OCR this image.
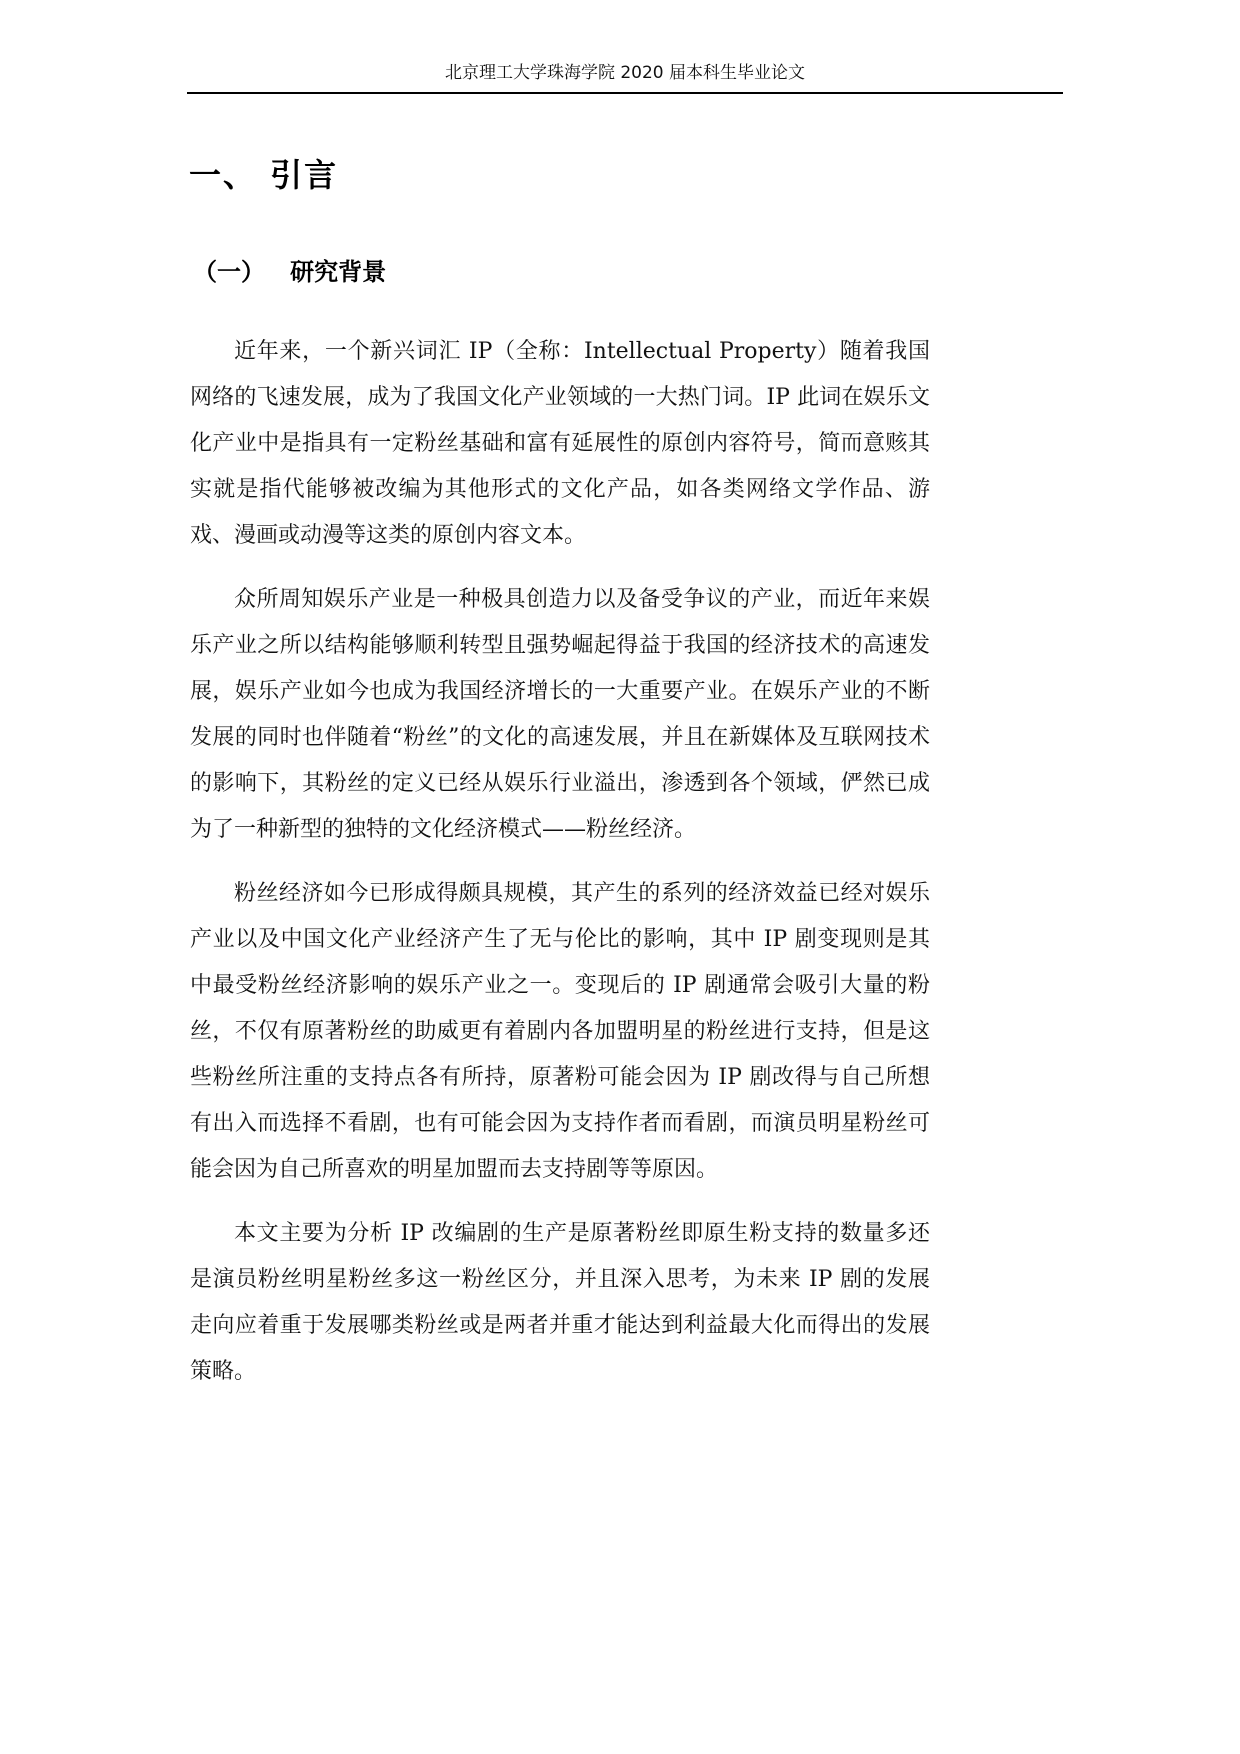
北京理工大学珠海学院 2020 届本科生毕业论文
一、 引言
（一）   研究背景

近年来，一个新兴词汇 IP（全称：Intellectual Property）随着我国网络的飞速发展，成为了我国文化产业领域的一大热门词。IP 此词在娱乐文化产业中是指具有一定粉丝基础和富有延展性的原创内容符号，简而意赅其实就是指代能够被改编为其他形式的文化产品，如各类网络文学作品、游戏、漫画或动漫等这类的原创内容文本。

众所周知娱乐产业是一种极具创造力以及备受争议的产业，而近年来娱乐产业之所以结构能够顺利转型且强势崛起得益于我国的经济技术的高速发展，娱乐产业如今也成为我国经济增长的一大重要产业。在娱乐产业的不断发展的同时也伴随着“粉丝”的文化的高速发展，并且在新媒体及互联网技术的影响下，其粉丝的定义已经从娱乐行业溢出，渗透到各个领域，俨然已成为了一种新型的独特的文化经济模式——粉丝经济。

粉丝经济如今已形成得颇具规模，其产生的系列的经济效益已经对娱乐产业以及中国文化产业经济产生了无与伦比的影响，其中 IP 剧变现则是其中最受粉丝经济影响的娱乐产业之一。变现后的 IP 剧通常会吸引大量的粉丝，不仅有原著粉丝的助威更有着剧内各加盟明星的粉丝进行支持，但是这些粉丝所注重的支持点各有所持，原著粉可能会因为 IP 剧改得与自己所想有出入而选择不看剧，也有可能会因为支持作者而看剧，而演员明星粉丝可能会因为自己所喜欢的明星加盟而去支持剧等等原因。

本文主要为分析 IP 改编剧的生产是原著粉丝即原生粉支持的数量多还是演员粉丝明星粉丝多这一粉丝区分，并且深入思考，为未来 IP 剧的发展走向应着重于发展哪类粉丝或是两者并重才能达到利益最大化而得出的发展策略。
